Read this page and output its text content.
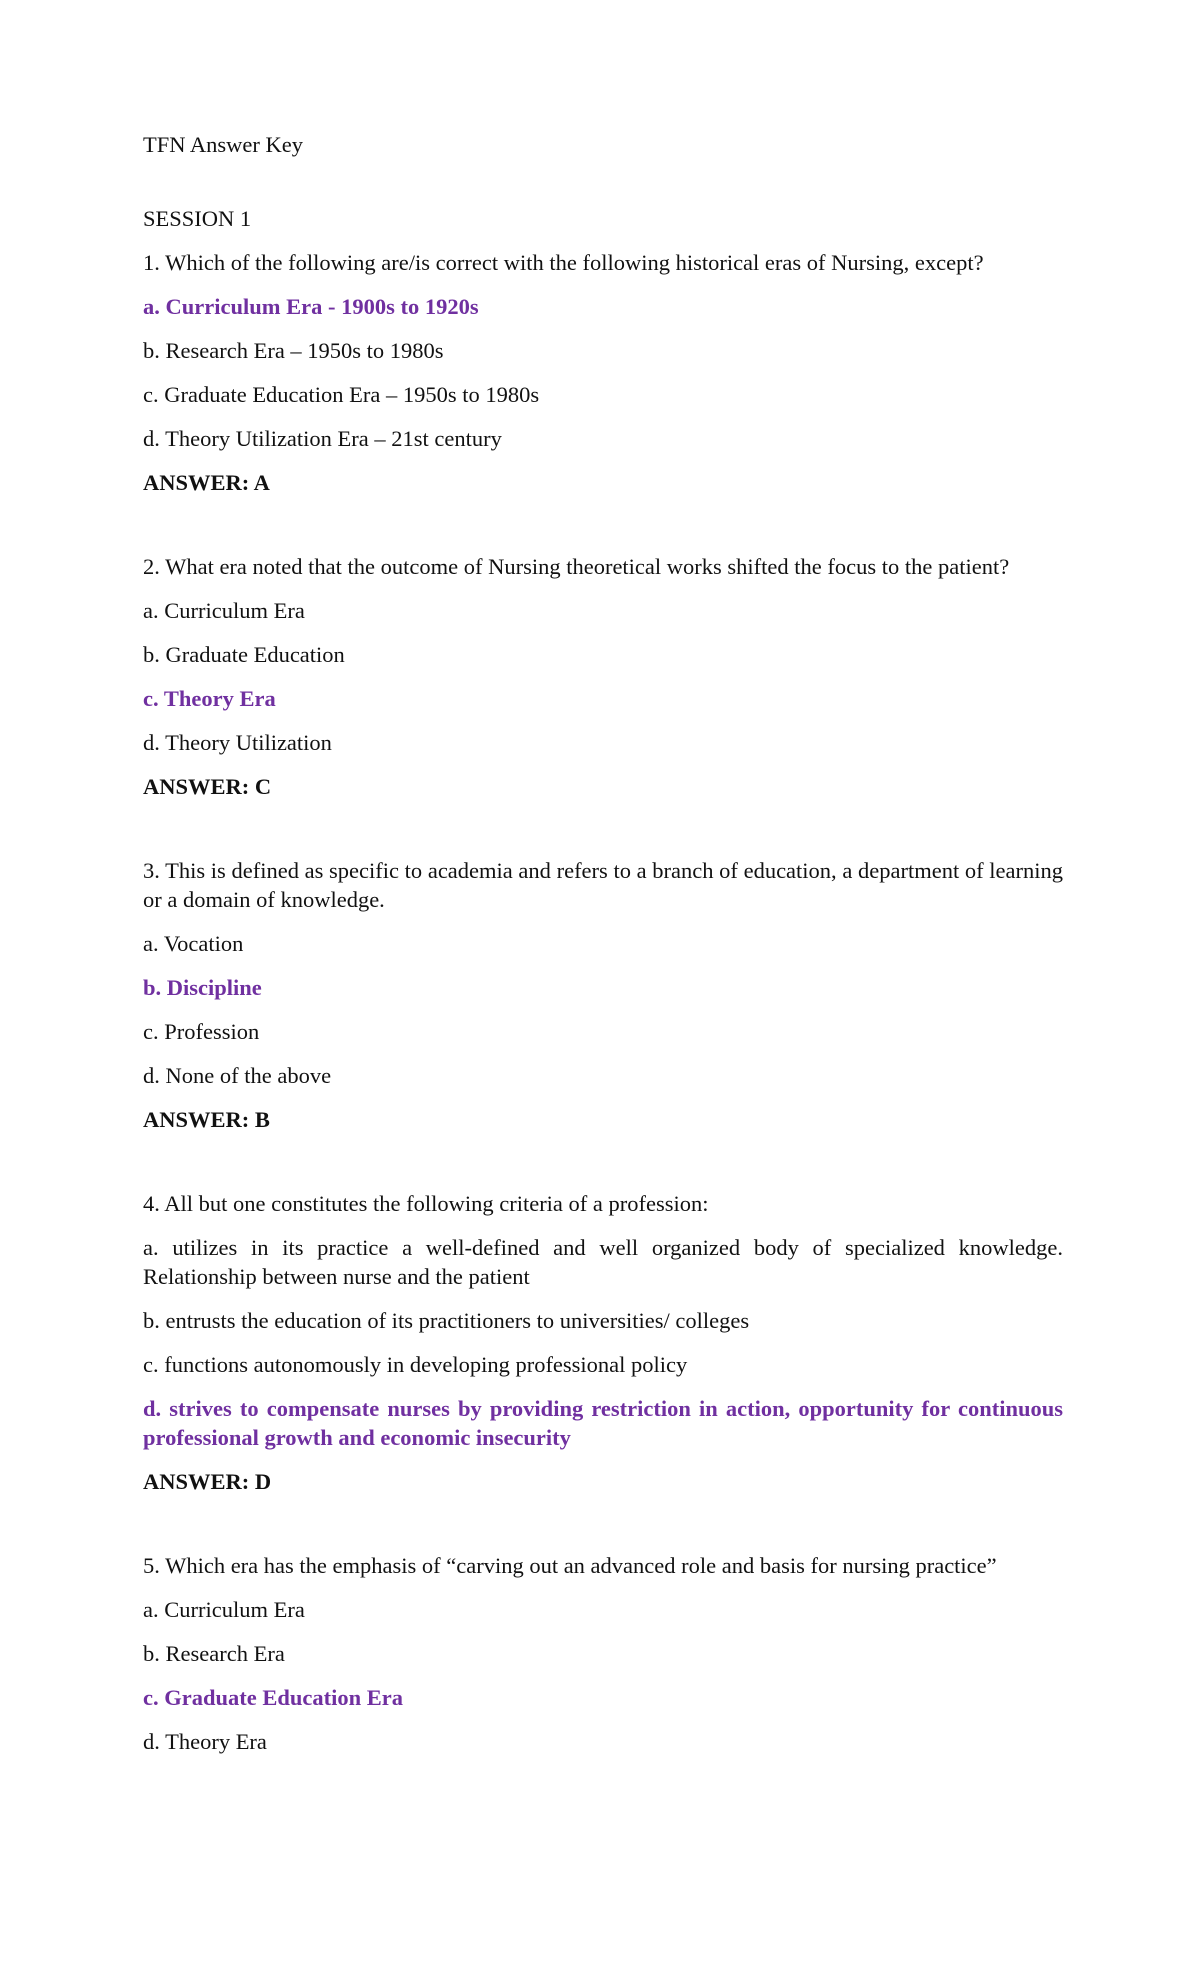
TFN Answer Key
SESSION 1

1. Which of the following are/is correct with the following historical eras of Nursing, except?

a. Curriculum Era - 1900s to 1920s

b. Research Era – 1950s to 1980s

c. Graduate Education Era – 1950s to 1980s

d. Theory Utilization Era – 21st century

ANSWER: A

2. What era noted that the outcome of Nursing theoretical works shifted the focus to the patient?

a. Curriculum Era

b. Graduate Education

c. Theory Era

d. Theory Utilization

ANSWER: C

3. This is defined as specific to academia and refers to a branch of education, a department of learning or a domain of knowledge.

a. Vocation

b. Discipline

c. Profession

d. None of the above

ANSWER: B

4. All but one constitutes the following criteria of a profession:

a. utilizes in its practice a well-defined and well organized body of specialized knowledge. Relationship between nurse and the patient

b. entrusts the education of its practitioners to universities/ colleges

c. functions autonomously in developing professional policy

d. strives to compensate nurses by providing restriction in action, opportunity for continuous professional growth and economic insecurity

ANSWER: D

5. Which era has the emphasis of “carving out an advanced role and basis for nursing practice”

a. Curriculum Era

b. Research Era

c. Graduate Education Era

d. Theory Era
